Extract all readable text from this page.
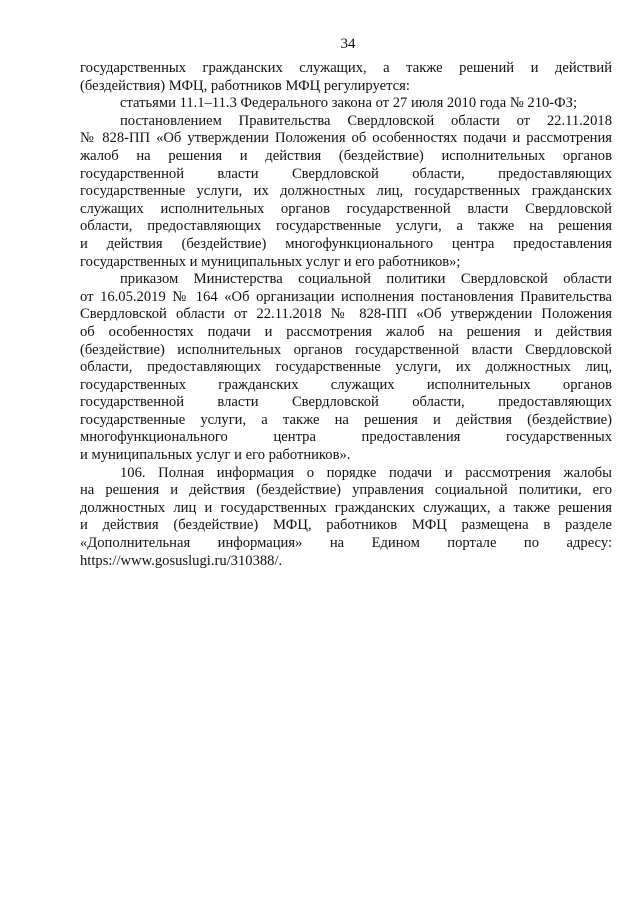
34
государственных гражданских служащих, а также решений и действий
(бездействия) МФЦ, работников МФЦ регулируется:
статьями 11.1–11.3 Федерального закона от 27 июля 2010 года № 210-ФЗ;
постановлением Правительства Свердловской области от 22.11.2018
№ 828-ПП «Об утверждении Положения об особенностях подачи и рассмотрения
жалоб на решения и действия (бездействие) исполнительных органов
государственной власти Свердловской области, предоставляющих
государственные услуги, их должностных лиц, государственных гражданских
служащих исполнительных органов государственной власти Свердловской
области, предоставляющих государственные услуги, а также на решения
и действия (бездействие) многофункционального центра предоставления
государственных и муниципальных услуг и его работников»;
приказом Министерства социальной политики Свердловской области
от 16.05.2019 № 164 «Об организации исполнения постановления Правительства
Свердловской области от 22.11.2018 № 828-ПП «Об утверждении Положения
об особенностях подачи и рассмотрения жалоб на решения и действия
(бездействие) исполнительных органов государственной власти Свердловской
области, предоставляющих государственные услуги, их должностных лиц,
государственных гражданских служащих исполнительных органов
государственной власти Свердловской области, предоставляющих
государственные услуги, а также на решения и действия (бездействие)
многофункционального центра предоставления государственных
и муниципальных услуг и его работников».
106. Полная информация о порядке подачи и рассмотрения жалобы
на решения и действия (бездействие) управления социальной политики, его
должностных лиц и государственных гражданских служащих, а также решения
и действия (бездействие) МФЦ, работников МФЦ размещена в разделе
«Дополнительная информация» на Едином портале по адресу:
https://www.gosuslugi.ru/310388/.
